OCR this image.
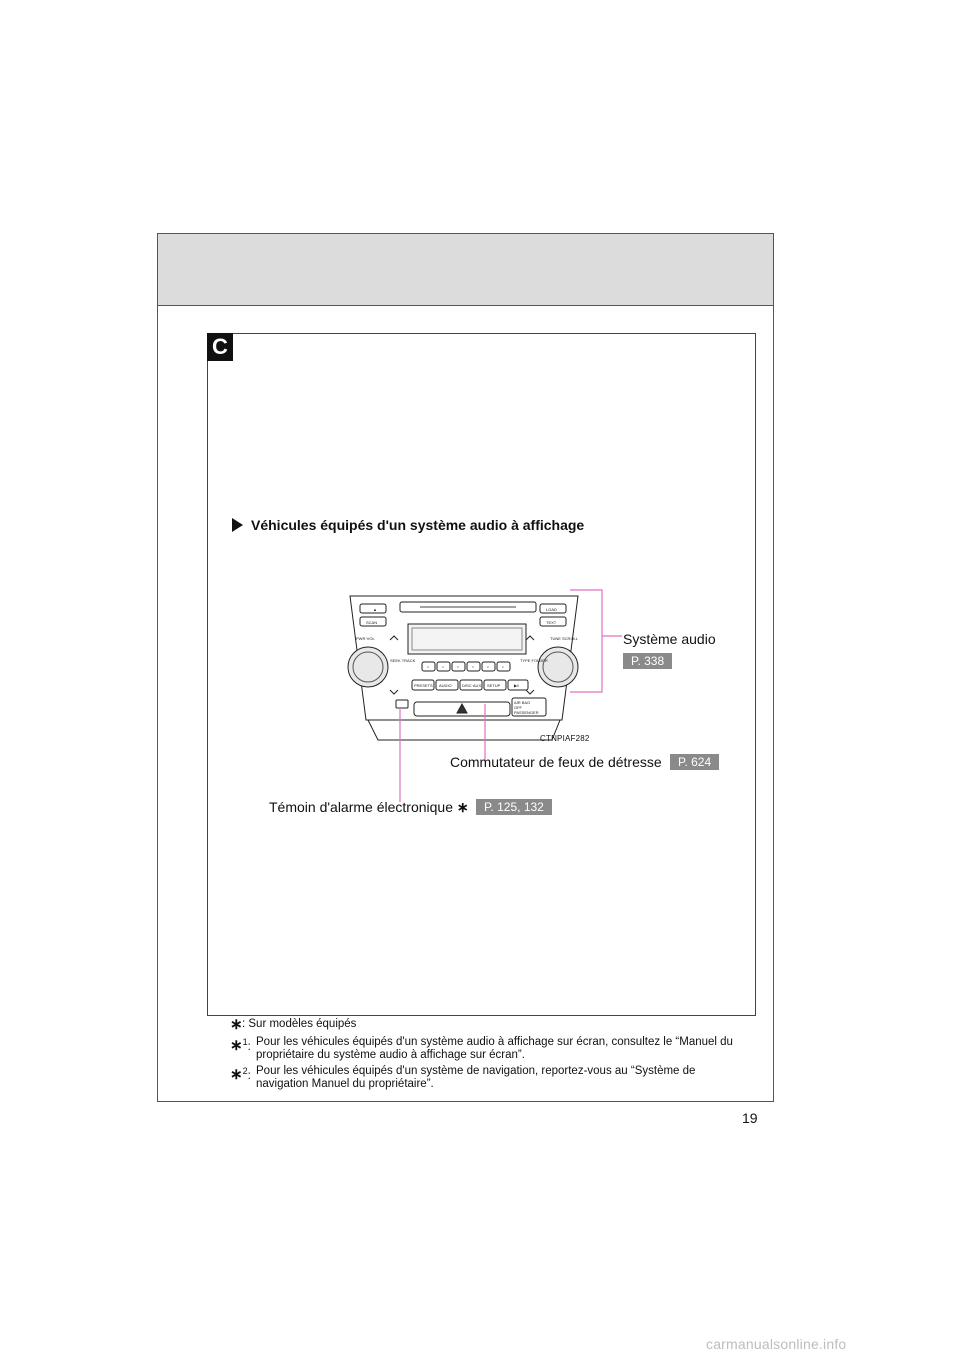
C
Véhicules équipés d'un système audio à affichage
▲
SCAN
LOAD
TEXT
PWR·VOL
SEEK TRACK	TYPE FOLDER
TUNE SCROLL
PRESETS AUDIO	DISC·AUX SETUP	▶‖
AIR BAG
OFF
PASSENGER
•	•	•	•	•	•
CTNPIAF282
Système audio
P. 338
Commutateur de feux de détresse	P. 624
Témoin d'alarme électronique ∗	P. 125, 132
∗ : Sur modèles équipés
∗$^1$: Pour les véhicules équipés d'un système audio à affichage sur écran, consultez le “Manuel du propriétaire du système audio à affichage sur écran”.
∗$^2$: Pour les véhicules équipés d'un système de navigation, reportez-vous au “Système de navigation Manuel du propriétaire”.
19
carmanualsonline.info
